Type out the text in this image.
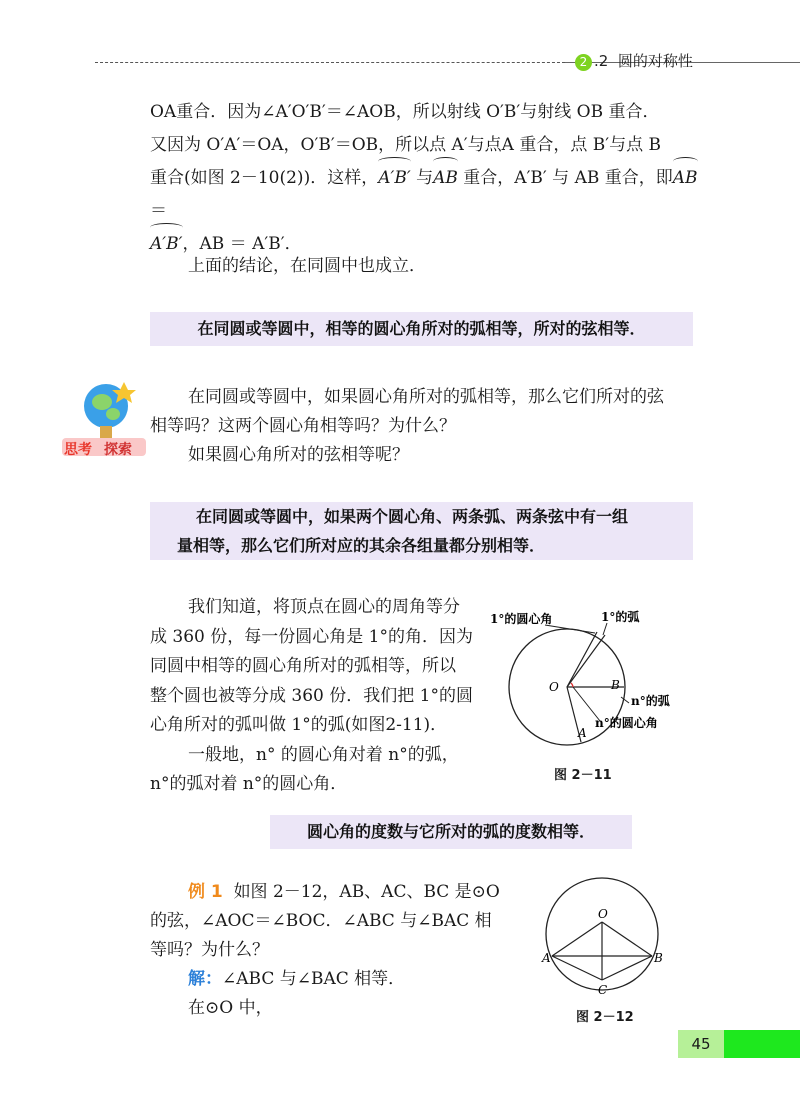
2 .2 圆的对称性
OA重合．因为∠A′O′B′＝∠AOB，所以射线 O′B′与射线 OB 重合．
又因为 O′A′＝OA，O′B′＝OB，所以点 A′与点A 重合，点 B′与点 B
重合(如图 2－10(2))．这样，A′B′ 与AB 重合，A′B′ 与 AB 重合，即AB ＝
A′B′，AB ＝ A′B′．
上面的结论，在同圆中也成立．
在同圆或等圆中，相等的圆心角所对的弧相等，所对的弦相等．
思考 探索
在同圆或等圆中，如果圆心角所对的弧相等，那么它们所对的弦
相等吗？这两个圆心角相等吗？为什么？
如果圆心角所对的弦相等呢？
在同圆或等圆中，如果两个圆心角、两条弧、两条弦中有一组
量相等，那么它们所对应的其余各组量都分别相等．
我们知道，将顶点在圆心的周角等分
成 360 份，每一份圆心角是 1°的角．因为
同圆中相等的圆心角所对的弧相等，所以
整个圆也被等分成 360 份．我们把 1°的圆
心角所对的弧叫做 1°的弧(如图2-11)．
一般地，n° 的圆心角对着 n°的弧，
n°的弧对着 n°的圆心角．
1°的圆心角	1°的弧
O	B
A
n°的弧
n°的圆心角
图 2－11
圆心角的度数与它所对的弧的度数相等．
例 1 如图 2－12，AB、AC、BC 是⊙O
的弦，∠AOC＝∠BOC．∠ABC 与∠BAC 相
等吗？为什么？
解：∠ABC 与∠BAC 相等．
在⊙O 中，
O
A	B
C
图 2－12
45
